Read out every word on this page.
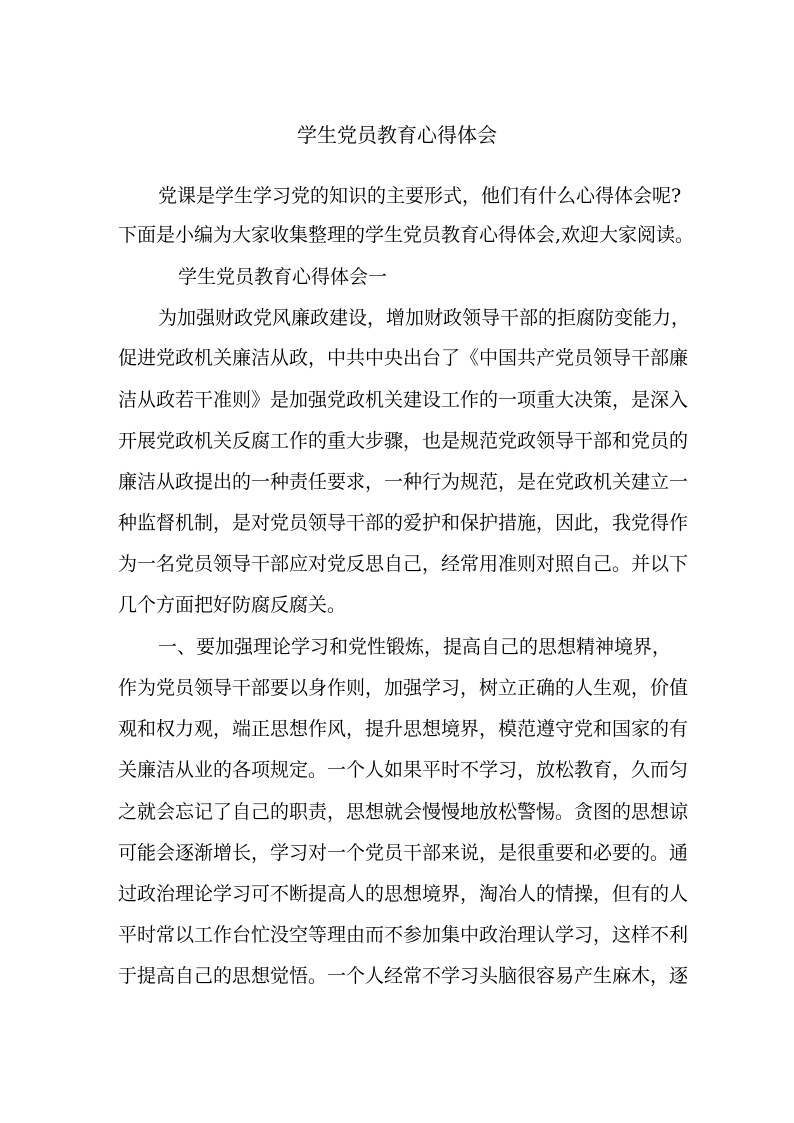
学生党员教育心得体会
党课是学生学习党的知识的主要形式，他们有什么心得体会呢?
下面是小编为大家收集整理的学生党员教育心得体会,欢迎大家阅读。
学生党员教育心得体会一
为加强财政党风廉政建设，增加财政领导干部的拒腐防变能力，
促进党政机关廉洁从政，中共中央出台了《中国共产党员领导干部廉
洁从政若干准则》是加强党政机关建设工作的一项重大决策，是深入
开展党政机关反腐工作的重大步骤，也是规范党政领导干部和党员的
廉洁从政提出的一种责任要求，一种行为规范，是在党政机关建立一
种监督机制，是对党员领导干部的爱护和保护措施，因此，我党得作
为一名党员领导干部应对党反思自己，经常用准则对照自己。并以下
几个方面把好防腐反腐关。
一、要加强理论学习和党性锻炼，提高自己的思想精神境界，
作为党员领导干部要以身作则，加强学习，树立正确的人生观，价值
观和权力观，端正思想作风，提升思想境界，模范遵守党和国家的有
关廉洁从业的各项规定。一个人如果平时不学习，放松教育，久而匀
之就会忘记了自己的职责，思想就会慢慢地放松警惕。贪图的思想谅
可能会逐渐增长，学习对一个党员干部来说，是很重要和必要的。通
过政治理论学习可不断提高人的思想境界，淘冶人的情操，但有的人
平时常以工作台忙没空等理由而不参加集中政治理认学习，这样不利
于提高自己的思想觉悟。一个人经常不学习头脑很容易产生麻木，逐
